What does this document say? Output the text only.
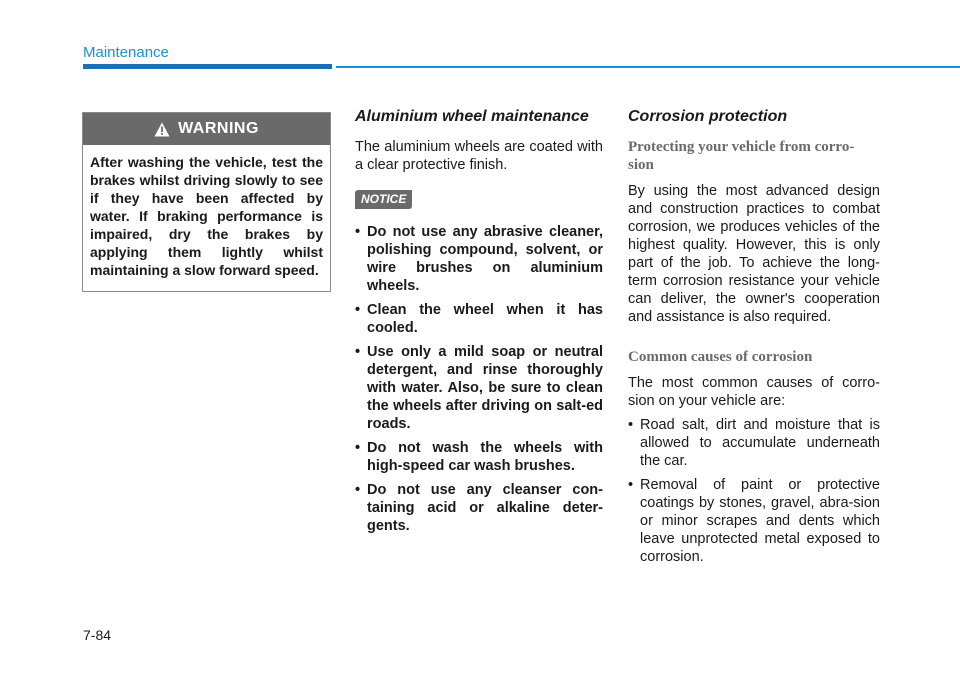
Maintenance
WARNING
After washing the vehicle, test the brakes whilst driving slowly to see if they have been affected by water. If braking performance is impaired, dry the brakes by applying them lightly whilst maintaining a slow forward speed.
Aluminium wheel maintenance

The aluminium wheels are coated with a clear protective finish.

NOTICE
• Do not use any abrasive cleaner, polishing compound, solvent, or wire brushes on aluminium wheels.
• Clean the wheel when it has cooled.
• Use only a mild soap or neutral detergent, and rinse thoroughly with water. Also, be sure to clean the wheels after driving on salt-ed roads.
• Do not wash the wheels with high-speed car wash brushes.
• Do not use any cleanser con-taining acid or alkaline deter-gents.
Corrosion protection
Protecting your vehicle from corro-sion

By using the most advanced design and construction practices to combat corrosion, we produces vehicles of the highest quality. However, this is only part of the job. To achieve the long-term corrosion resistance your vehicle can deliver, the owner's cooperation and assistance is also required.

Common causes of corrosion

The most common causes of corro-sion on your vehicle are:

• Road salt, dirt and moisture that is allowed to accumulate underneath the car.
• Removal of paint or protective coatings by stones, gravel, abra-sion or minor scrapes and dents which leave unprotected metal exposed to corrosion.
7-84
